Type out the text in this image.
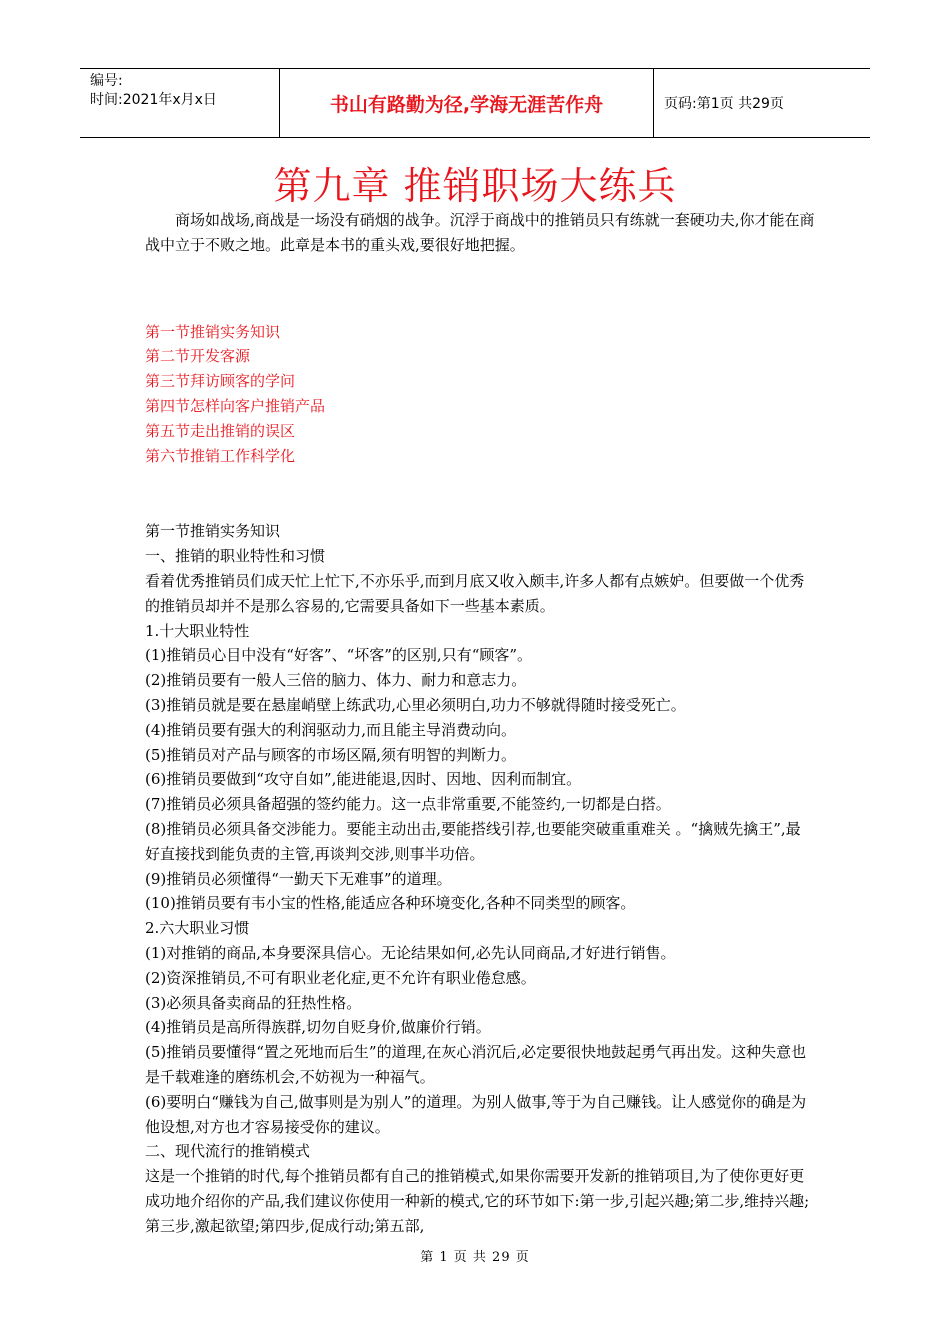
编号:
时间:2021年x月x日	书山有路勤为径,学海无涯苦作舟	页码:第1页 共29页
第九章 推销职场大练兵

商场如战场,商战是一场没有硝烟的战争。沉浮于商战中的推销员只有练就一套硬功夫,你才能在商战中立于不败之地。此章是本书的重头戏,要很好地把握。

第一节推销实务知识

第二节开发客源

第三节拜访顾客的学问

第四节怎样向客户推销产品

第五节走出推销的误区

第六节推销工作科学化

第一节推销实务知识

一、推销的职业特性和习惯

看着优秀推销员们成天忙上忙下,不亦乐乎,而到月底又收入颇丰,许多人都有点嫉妒。但要做一个优秀的推销员却并不是那么容易的,它需要具备如下一些基本素质。

1.十大职业特性

(1)推销员心目中没有“好客”、“坏客”的区别,只有“顾客”。

(2)推销员要有一般人三倍的脑力、体力、耐力和意志力。

(3)推销员就是要在悬崖峭壁上练武功,心里必须明白,功力不够就得随时接受死亡。

(4)推销员要有强大的利润驱动力,而且能主导消费动向。

(5)推销员对产品与顾客的市场区隔,须有明智的判断力。

(6)推销员要做到“攻守自如”,能进能退,因时、因地、因利而制宜。

(7)推销员必须具备超强的签约能力。这一点非常重要,不能签约,一切都是白搭。

(8)推销员必须具备交涉能力。要能主动出击,要能搭线引荐,也要能突破重重难关 。“擒贼先擒王”,最好直接找到能负责的主管,再谈判交涉,则事半功倍。

(9)推销员必须懂得“一勤天下无难事”的道理。

(10)推销员要有韦小宝的性格,能适应各种环境变化,各种不同类型的顾客。

2.六大职业习惯

(1)对推销的商品,本身要深具信心。无论结果如何,必先认同商品,才好进行销售。

(2)资深推销员,不可有职业老化症,更不允许有职业倦怠感。

(3)必须具备卖商品的狂热性格。

(4)推销员是高所得族群,切勿自贬身价,做廉价行销。

(5)推销员要懂得“置之死地而后生”的道理,在灰心消沉后,必定要很快地鼓起勇气再出发。这种失意也是千载难逢的磨练机会,不妨视为一种福气。

(6)要明白“赚钱为自己,做事则是为别人”的道理。为别人做事,等于为自己赚钱。让人感觉你的确是为他设想,对方也才容易接受你的建议。

二、现代流行的推销模式

这是一个推销的时代,每个推销员都有自己的推销模式,如果你需要开发新的推销项目,为了使你更好更成功地介绍你的产品,我们建议你使用一种新的模式,它的环节如下:第一步,引起兴趣;第二步,维持兴趣;第三步,激起欲望;第四步,促成行动;第五部,

第 1 页 共 29 页
